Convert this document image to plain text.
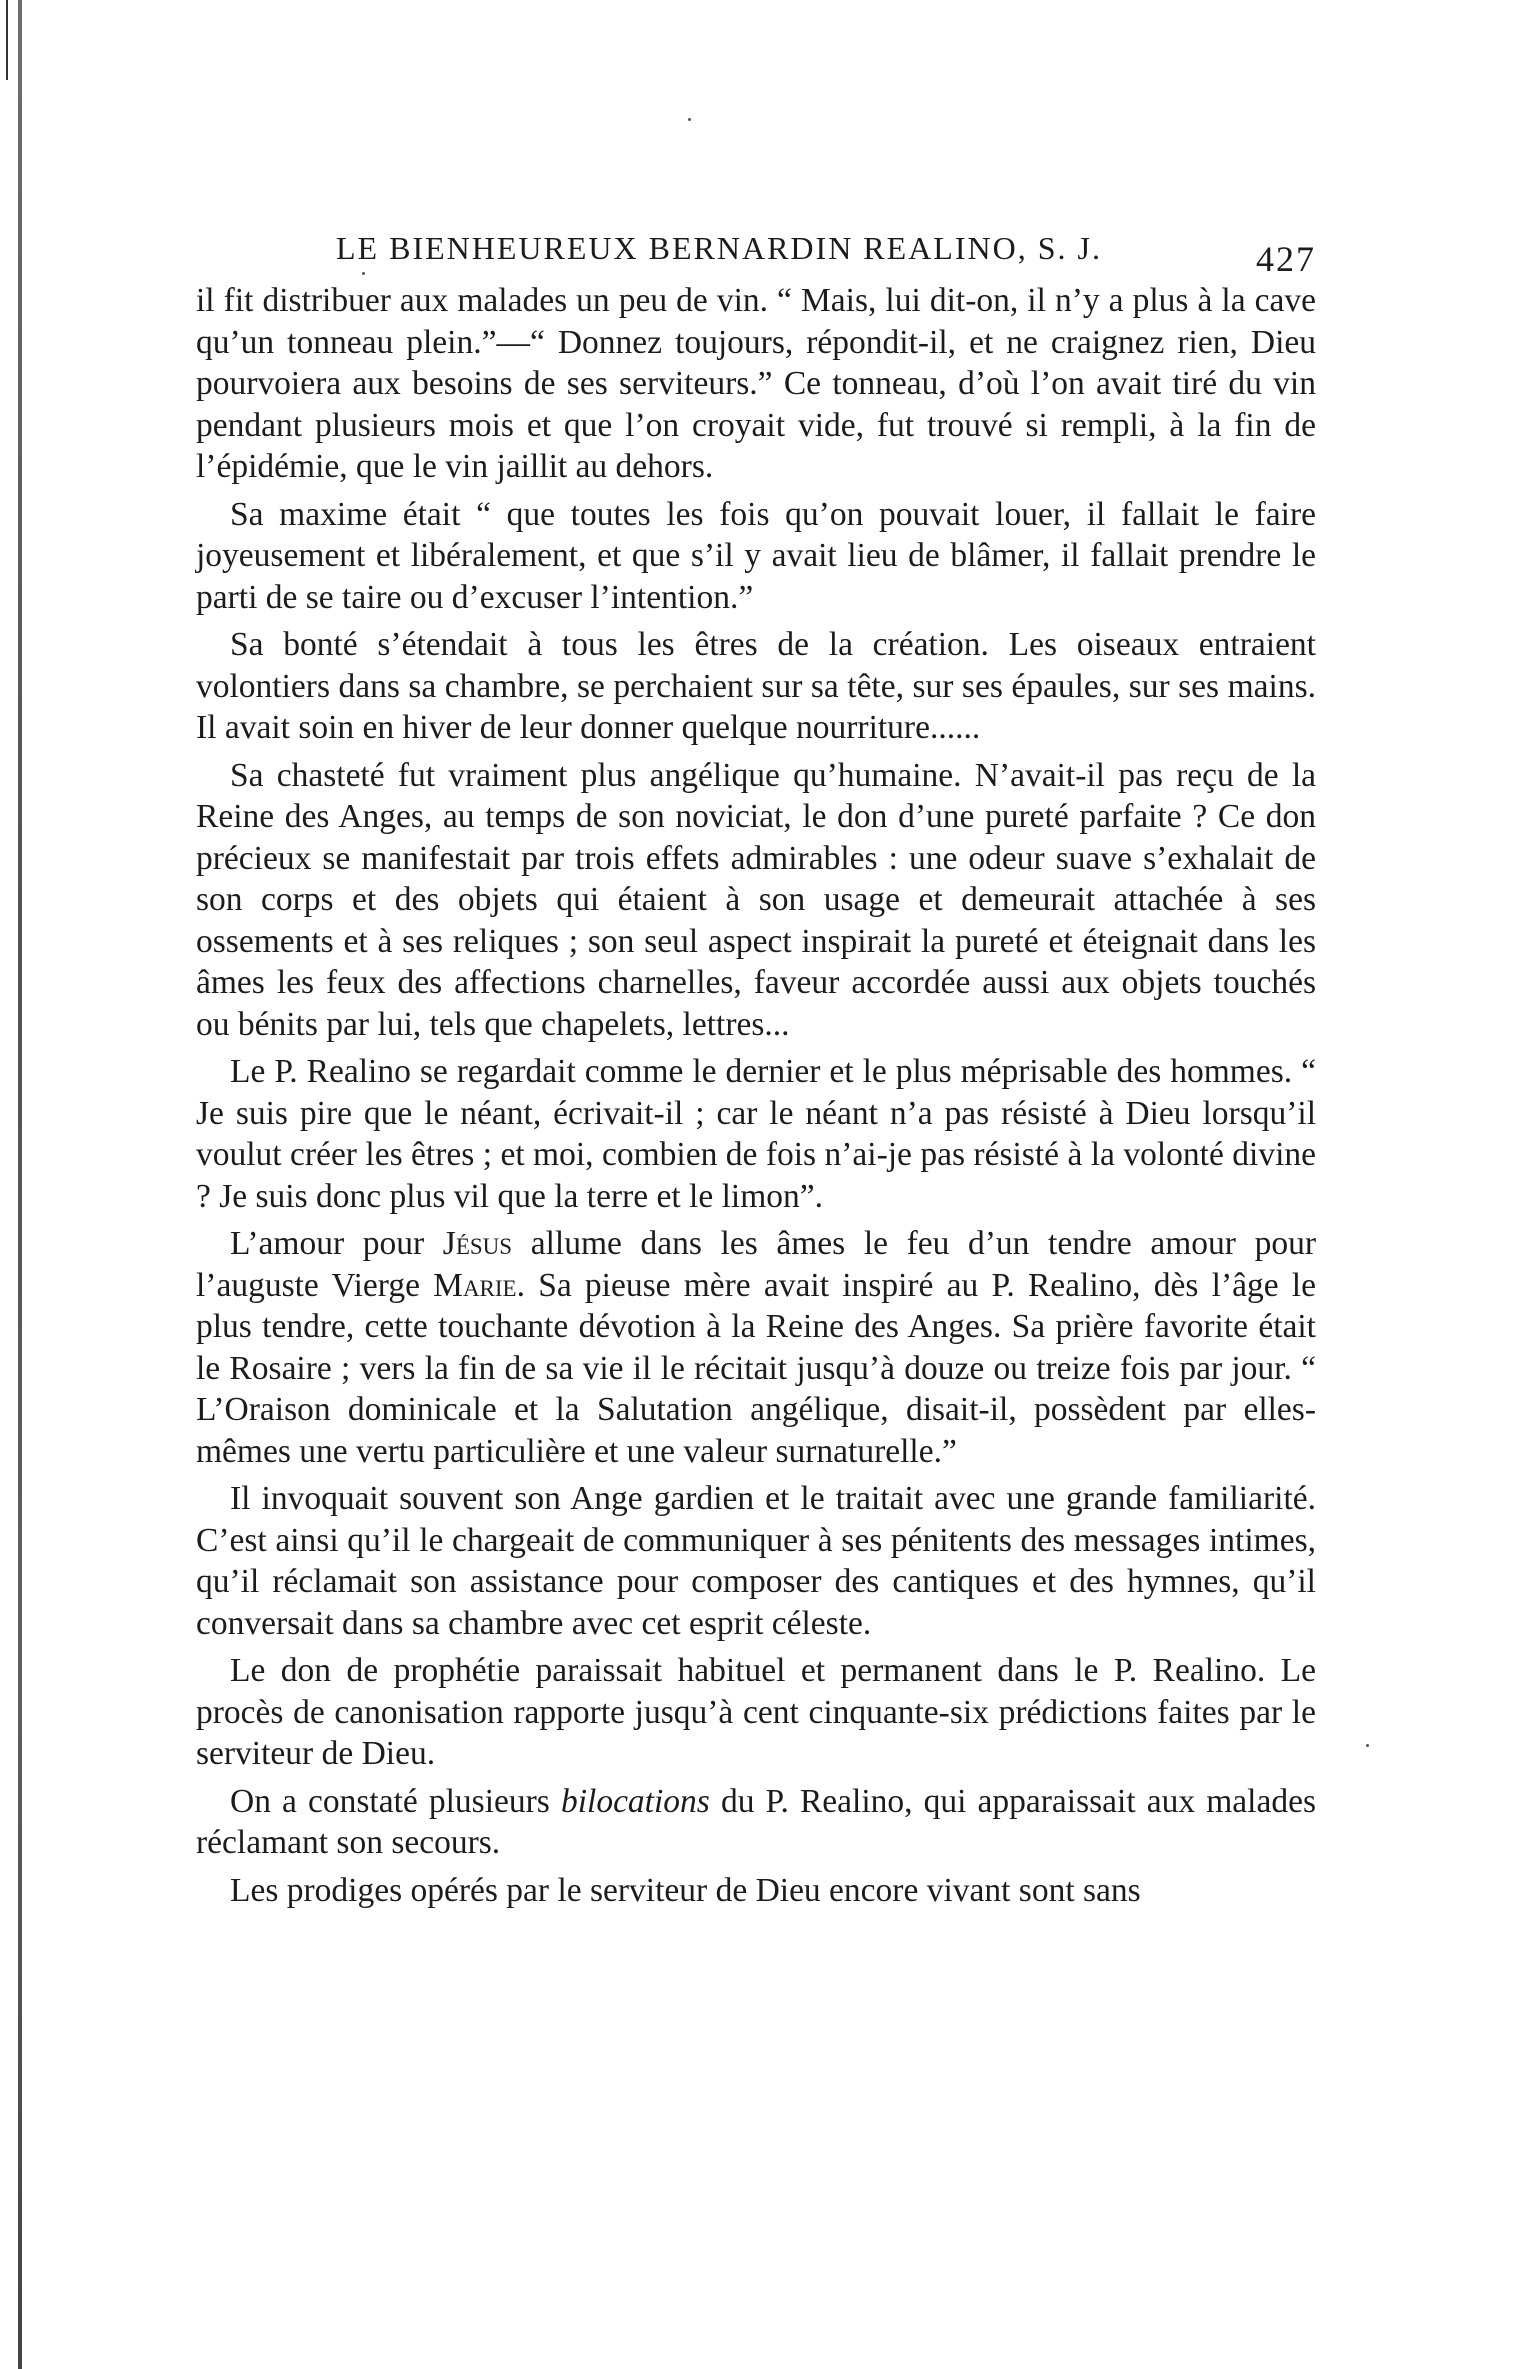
LE BIENHEUREUX BERNARDIN REALINO, S. J.	427

il fit distribuer aux malades un peu de vin. “ Mais, lui dit-on, il n’y a plus à la cave qu’un tonneau plein.”—“ Donnez toujours, répondit-il, et ne craignez rien, Dieu pourvoiera aux besoins de ses serviteurs.” Ce tonneau, d’où l’on avait tiré du vin pendant plusieurs mois et que l’on croyait vide, fut trouvé si rempli, à la fin de l’épidémie, que le vin jaillit au dehors.

Sa maxime était “ que toutes les fois qu’on pouvait louer, il fallait le faire joyeusement et libéralement, et que s’il y avait lieu de blâmer, il fallait prendre le parti de se taire ou d’excuser l’intention.”

Sa bonté s’étendait à tous les êtres de la création. Les oiseaux entraient volontiers dans sa chambre, se perchaient sur sa tête, sur ses épaules, sur ses mains. Il avait soin en hiver de leur donner quelque nourriture......

Sa chasteté fut vraiment plus angélique qu’humaine. N’avait-il pas reçu de la Reine des Anges, au temps de son noviciat, le don d’une pureté parfaite ? Ce don précieux se manifestait par trois effets admirables : une odeur suave s’exhalait de son corps et des objets qui étaient à son usage et demeurait attachée à ses ossements et à ses reliques ; son seul aspect inspirait la pureté et éteignait dans les âmes les feux des affections charnelles, faveur accordée aussi aux objets touchés ou bénits par lui, tels que chapelets, lettres...

Le P. Realino se regardait comme le dernier et le plus méprisable des hommes. “ Je suis pire que le néant, écrivait-il ; car le néant n’a pas résisté à Dieu lorsqu’il voulut créer les êtres ; et moi, combien de fois n’ai-je pas résisté à la volonté divine ? Je suis donc plus vil que la terre et le limon”.

L’amour pour Jésus allume dans les âmes le feu d’un tendre amour pour l’auguste Vierge Marie. Sa pieuse mère avait inspiré au P. Realino, dès l’âge le plus tendre, cette touchante dévotion à la Reine des Anges. Sa prière favorite était le Rosaire ; vers la fin de sa vie il le récitait jusqu’à douze ou treize fois par jour. “ L’Oraison dominicale et la Salutation angélique, disait-il, possèdent par elles-mêmes une vertu particulière et une valeur surnaturelle.”

Il invoquait souvent son Ange gardien et le traitait avec une grande familiarité. C’est ainsi qu’il le chargeait de communiquer à ses pénitents des messages intimes, qu’il réclamait son assistance pour composer des cantiques et des hymnes, qu’il conversait dans sa chambre avec cet esprit céleste.

Le don de prophétie paraissait habituel et permanent dans le P. Realino. Le procès de canonisation rapporte jusqu’à cent cinquante-six prédictions faites par le serviteur de Dieu.

On a constaté plusieurs bilocations du P. Realino, qui apparaissait aux malades réclamant son secours.

Les prodiges opérés par le serviteur de Dieu encore vivant sont sans
